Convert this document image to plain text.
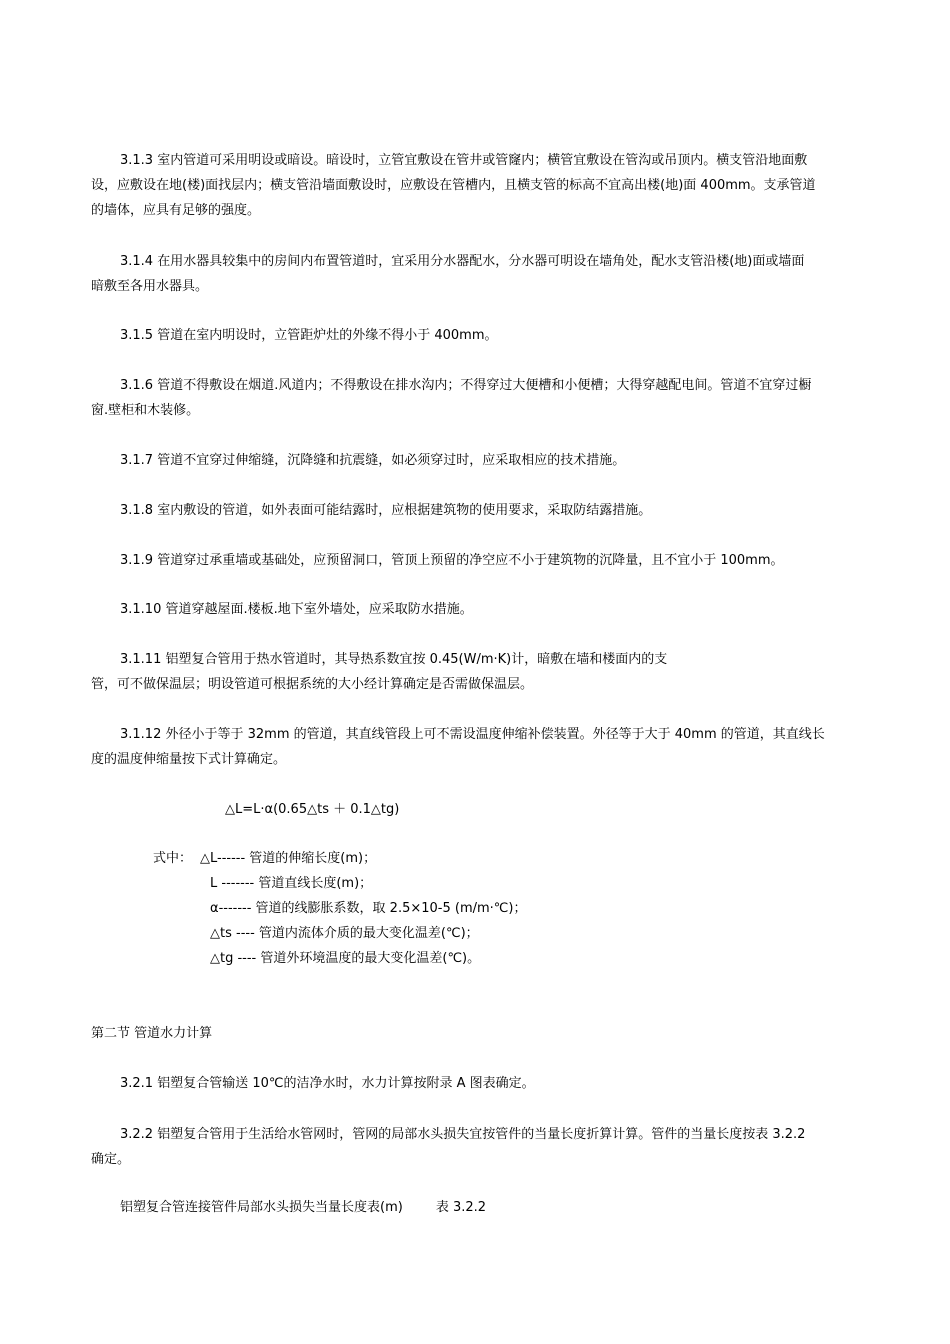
3.1.3 室内管道可采用明设或暗设。暗设时，立管宜敷设在管井或管窿内；横管宜敷设在管沟或吊顶内。横支管沿地面敷
设，应敷设在地(楼)面找层内；横支管沿墙面敷设时，应敷设在管槽内，且横支管的标高不宜高出楼(地)面 400mm。支承管道
的墙体，应具有足够的强度。
3.1.4 在用水器具较集中的房间内布置管道时，宜采用分水器配水，分水器可明设在墙角处，配水支管沿楼(地)面或墙面
暗敷至各用水器具。
3.1.5 管道在室内明设时，立管距炉灶的外缘不得小于 400mm。
3.1.6 管道不得敷设在烟道.风道内；不得敷设在排水沟内；不得穿过大便槽和小便槽；大得穿越配电间。管道不宜穿过橱
窗.壁柜和木装修。
3.1.7 管道不宜穿过伸缩缝，沉降缝和抗震缝，如必须穿过时，应采取相应的技术措施。
3.1.8 室内敷设的管道，如外表面可能结露时，应根据建筑物的使用要求，采取防结露措施。
3.1.9 管道穿过承重墙或基础处，应预留洞口，管顶上预留的净空应不小于建筑物的沉降量，且不宜小于 100mm。
3.1.10 管道穿越屋面.楼板.地下室外墙处，应采取防水措施。
3.1.11 铝塑复合管用于热水管道时，其导热系数宜按 0.45(W/m·K)计，暗敷在墙和楼面内的支
管，可不做保温层；明设管道可根据系统的大小经计算确定是否需做保温层。
3.1.12 外径小于等于 32mm 的管道，其直线管段上可不需设温度伸缩补偿装置。外径等于大于 40mm 的管道，其直线长
度的温度伸缩量按下式计算确定。
△L=L·α(0.65△ts ＋ 0.1△tg)
式中： △L------ 管道的伸缩长度(m)；
L ------- 管道直线长度(m)；
α------- 管道的线膨胀系数，取 2.5×10-5 (m/m·℃)；
△ts ---- 管道内流体介质的最大变化温差(℃)；
△tg ---- 管道外环境温度的最大变化温差(℃)。
第二节 管道水力计算
3.2.1 铝塑复合管输送 10℃的洁净水时，水力计算按附录 A 图表确定。
3.2.2 铝塑复合管用于生活给水管网时，管网的局部水头损失宜按管件的当量长度折算计算。管件的当量长度按表 3.2.2
确定。
铝塑复合管连接管件局部水头损失当量长度表(m)        表 3.2.2
